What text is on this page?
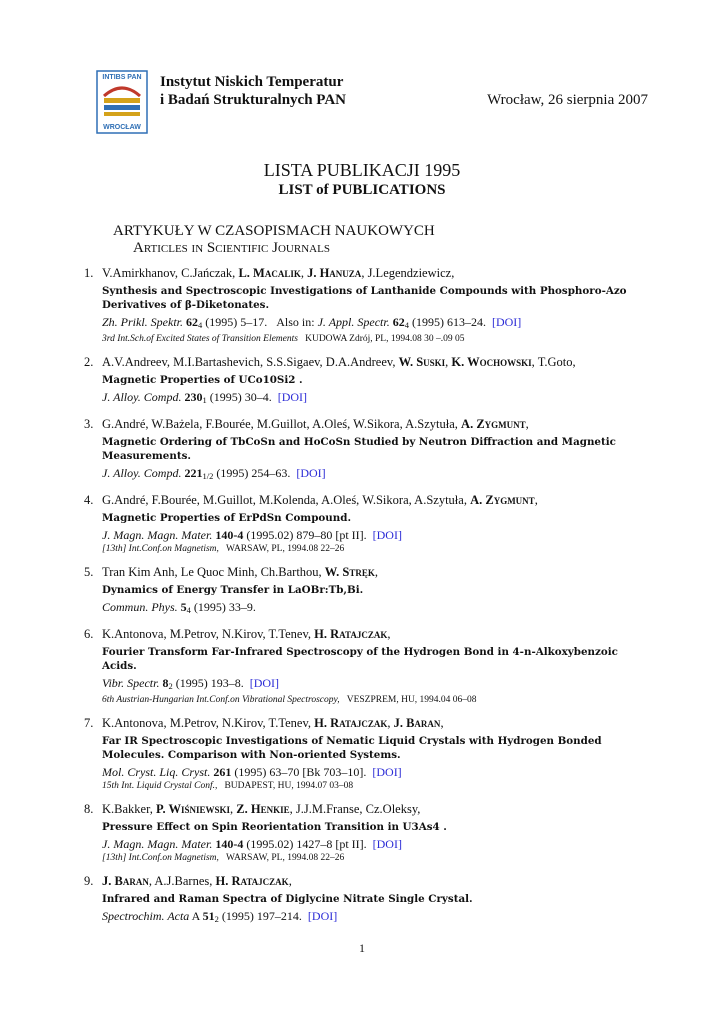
INTIBS PAN
WROCŁAW
Instytut Niskich Temperatur
i Badań Strukturalnych PAN	Wrocław, 26 sierpnia 2007
LISTA PUBLIKACJI 1995
LIST of PUBLICATIONS
ARTYKUŁY W CZASOPISMACH NAUKOWYCH
Articles in Scientific Journals
1. V.Amirkhanov, C.Jańczak, L. Macalik, J. Hanuza, J.Legendziewicz,
Synthesis and Spectroscopic Investigations of Lanthanide Compounds with Phosphoro-Azo Derivatives of β-Diketonates.
Zh. Prikl. Spektr. 624 (1995) 5–17. Also in: J. Appl. Spectr. 624 (1995) 613–24. [DOI]
3rd Int.Sch.of Excited States of Transition Elements KUDOWA Zdrój, PL, 1994.08 30 –.09 05
2. A.V.Andreev, M.I.Bartashevich, S.S.Sigaev, D.A.Andreev, W. Suski, K. Wochowski, T.Goto,
Magnetic Properties of UCo10Si2 .
J. Alloy. Compd. 2301 (1995) 30–4. [DOI]
3. G.André, W.Bażela, F.Bourée, M.Guillot, A.Oleś, W.Sikora, A.Szytuła, A. Zygmunt,
Magnetic Ordering of TbCoSn and HoCoSn Studied by Neutron Diffraction and Magnetic Measurements.
J. Alloy. Compd. 2211/2 (1995) 254–63. [DOI]
4. G.André, F.Bourée, M.Guillot, M.Kolenda, A.Oleś, W.Sikora, A.Szytuła, A. Zygmunt,
Magnetic Properties of ErPdSn Compound.
J. Magn. Magn. Mater. 140-4 (1995.02) 879–80 [pt II]. [DOI]
[13th] Int.Conf.on Magnetism, WARSAW, PL, 1994.08 22–26
5. Tran Kim Anh, Le Quoc Minh, Ch.Barthou, W. Stręk,
Dynamics of Energy Transfer in LaOBr:Tb,Bi.
Commun. Phys. 54 (1995) 33–9.
6. K.Antonova, M.Petrov, N.Kirov, T.Tenev, H. Ratajczak,
Fourier Transform Far-Infrared Spectroscopy of the Hydrogen Bond in 4-n-Alkoxybenzoic Acids.
Vibr. Spectr. 82 (1995) 193–8. [DOI]
6th Austrian-Hungarian Int.Conf.on Vibrational Spectroscopy, VESZPREM, HU, 1994.04 06–08
7. K.Antonova, M.Petrov, N.Kirov, T.Tenev, H. Ratajczak, J. Baran,
Far IR Spectroscopic Investigations of Nematic Liquid Crystals with Hydrogen Bonded Molecules. Comparison with Non-oriented Systems.
Mol. Cryst. Liq. Cryst. 261 (1995) 63–70 [Bk 703–10]. [DOI]
15th Int. Liquid Crystal Conf., BUDAPEST, HU, 1994.07 03–08
8. K.Bakker, P. Wiśniewski, Z. Henkie, J.J.M.Franse, Cz.Oleksy,
Pressure Effect on Spin Reorientation Transition in U3As4 .
J. Magn. Magn. Mater. 140-4 (1995.02) 1427–8 [pt II]. [DOI]
[13th] Int.Conf.on Magnetism, WARSAW, PL, 1994.08 22–26
9. J. Baran, A.J.Barnes, H. Ratajczak,
Infrared and Raman Spectra of Diglycine Nitrate Single Crystal.
Spectrochim. Acta A 512 (1995) 197–214. [DOI]
1
